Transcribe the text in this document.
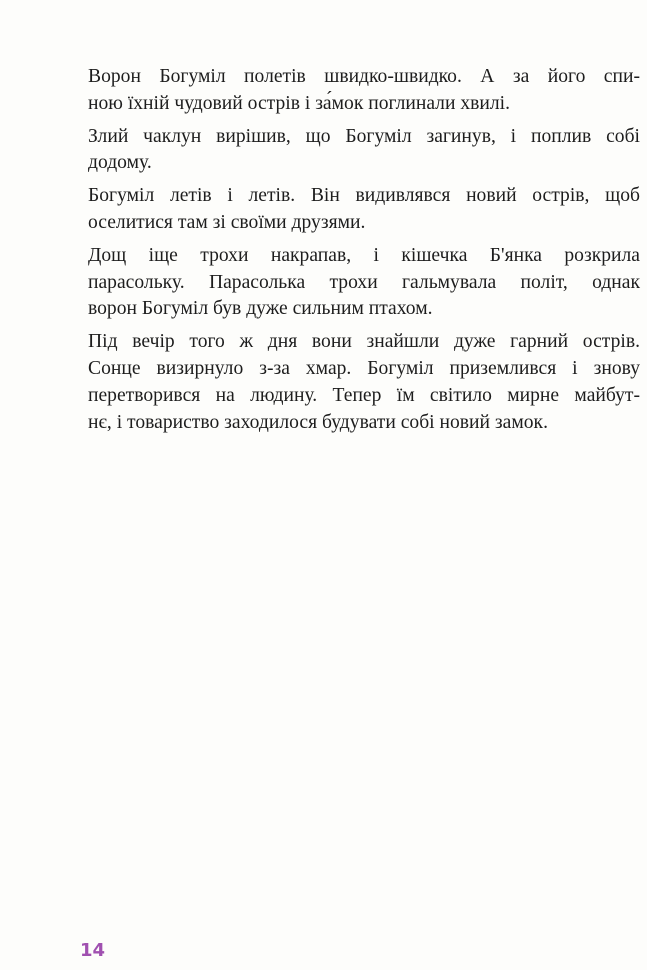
Ворон Богуміл полетів швидко-швидко. А за його спи-
ною їхній чудовий острів і за́мок поглинали хвилі.

Злий чаклун вирішив, що Богуміл загинув, і поплив собі
додому.

Богуміл летів і летів. Він видивлявся новий острів, щоб
оселитися там зі своїми друзями.

Дощ іще трохи накрапав, і кішечка Б'янка розкрила
парасольку. Парасолька трохи гальмувала політ, однак
ворон Богуміл був дуже сильним птахом.

Під вечір того ж дня вони знайшли дуже гарний острів.
Сонце визирнуло з-за хмар. Богуміл приземлився і знову
перетворився на людину. Тепер їм світило мирне майбут-
нє, і товариство заходилося будувати собі новий замок.

14
